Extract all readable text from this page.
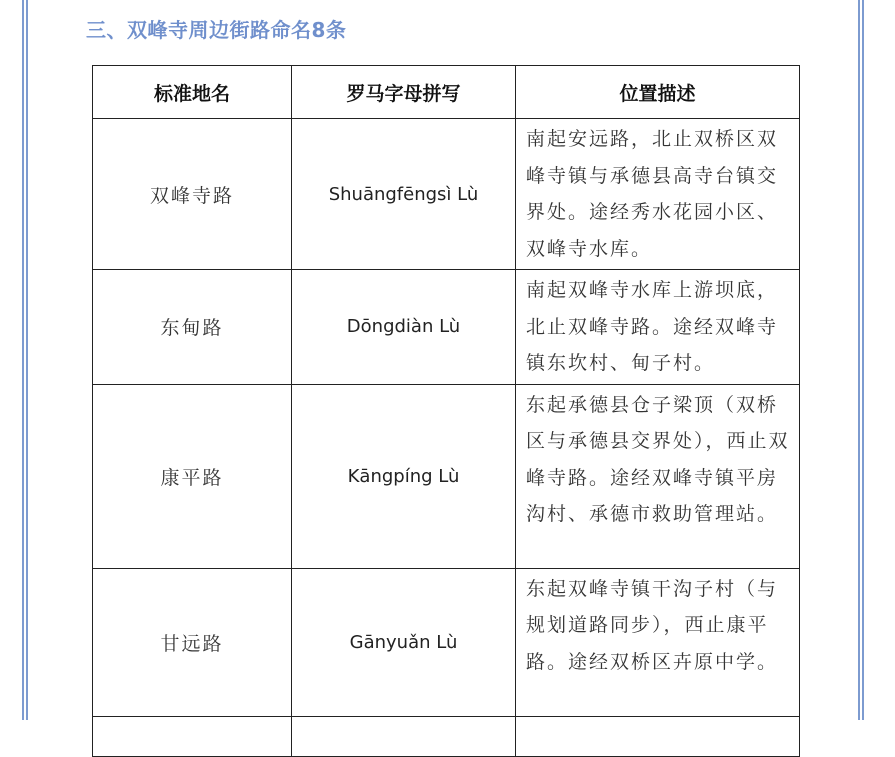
三、双峰寺周边街路命名8条
标准地名	罗马字母拼写	位置描述
双峰寺路	Shuāngfēngsì Lù	南起安远路，北止双桥区双峰寺镇与承德县高寺台镇交界处。途经秀水花园小区、双峰寺水库。
东甸路	Dōngdiàn Lù	南起双峰寺水库上游坝底，北止双峰寺路。途经双峰寺镇东坎村、甸子村。
康平路	Kāngpíng Lù	东起承德县仓子梁顶（双桥区与承德县交界处），西止双峰寺路。途经双峰寺镇平房沟村、承德市救助管理站。
甘远路	Gānyuǎn Lù	东起双峰寺镇干沟子村（与规划道路同步），西止康平路。途经双桥区卉原中学。
